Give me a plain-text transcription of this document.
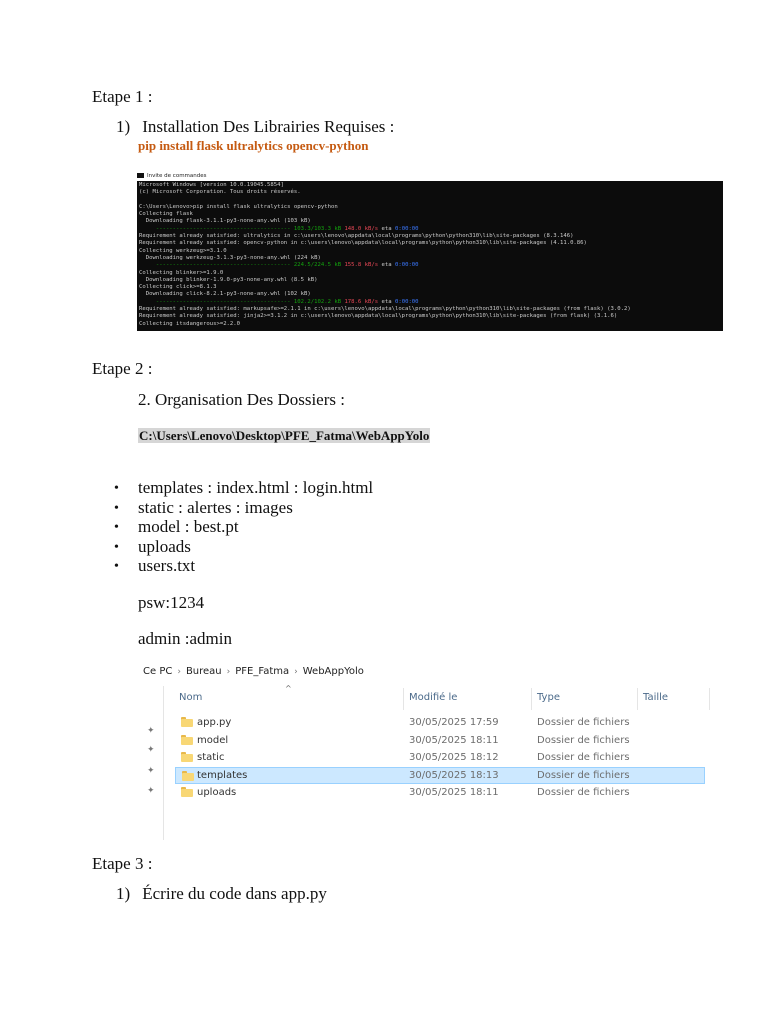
Etape 1 :
1) Installation Des Librairies Requises :
pip install flask ultralytics opencv-python
Invite de commandes
Microsoft Windows [version 10.0.19045.5854]
(c) Microsoft Corporation. Tous droits réservés.
C:\Users\Lenovo>pip install flask ultralytics opencv-python
Collecting flask
Downloading flask-3.1.1-py3-none-any.whl (103 kB)
---------------------------------------- 103.3/103.3 kB 148.0 kB/s eta 0:00:00
Requirement already satisfied: ultralytics in c:\users\lenovo\appdata\local\programs\python\python310\lib\site-packages (8.3.146)
Requirement already satisfied: opencv-python in c:\users\lenovo\appdata\local\programs\python\python310\lib\site-packages (4.11.0.86)
Collecting werkzeug>=3.1.0
Downloading werkzeug-3.1.3-py3-none-any.whl (224 kB)
---------------------------------------- 224.5/224.5 kB 155.8 kB/s eta 0:00:00
Collecting blinker>=1.9.0
Downloading blinker-1.9.0-py3-none-any.whl (8.5 kB)
Collecting click>=8.1.3
Downloading click-8.2.1-py3-none-any.whl (102 kB)
---------------------------------------- 102.2/102.2 kB 178.6 kB/s eta 0:00:00
Requirement already satisfied: markupsafe>=2.1.1 in c:\users\lenovo\appdata\local\programs\python\python310\lib\site-packages (from flask) (3.0.2)
Requirement already satisfied: jinja2>=3.1.2 in c:\users\lenovo\appdata\local\programs\python\python310\lib\site-packages (from flask) (3.1.6)
Collecting itsdangerous>=2.2.0
Etape 2 :
2. Organisation Des Dossiers :
C:\Users\Lenovo\Desktop\PFE_Fatma\WebAppYolo
• templates : index.html : login.html
• static : alertes : images
• model : best.pt
• uploads
• users.txt
psw:1234
admin :admin
Ce PC › Bureau › PFE_Fatma › WebAppYolo
^
Nom	Modifié le	Type	Taille
✦
✦
✦
✦
app.py	30/05/2025 17:59	Dossier de fichiers
model	30/05/2025 18:11	Dossier de fichiers
static	30/05/2025 18:12	Dossier de fichiers
templates	30/05/2025 18:13	Dossier de fichiers
uploads	30/05/2025 18:11	Dossier de fichiers
Etape 3 :
1) Écrire du code dans app.py
